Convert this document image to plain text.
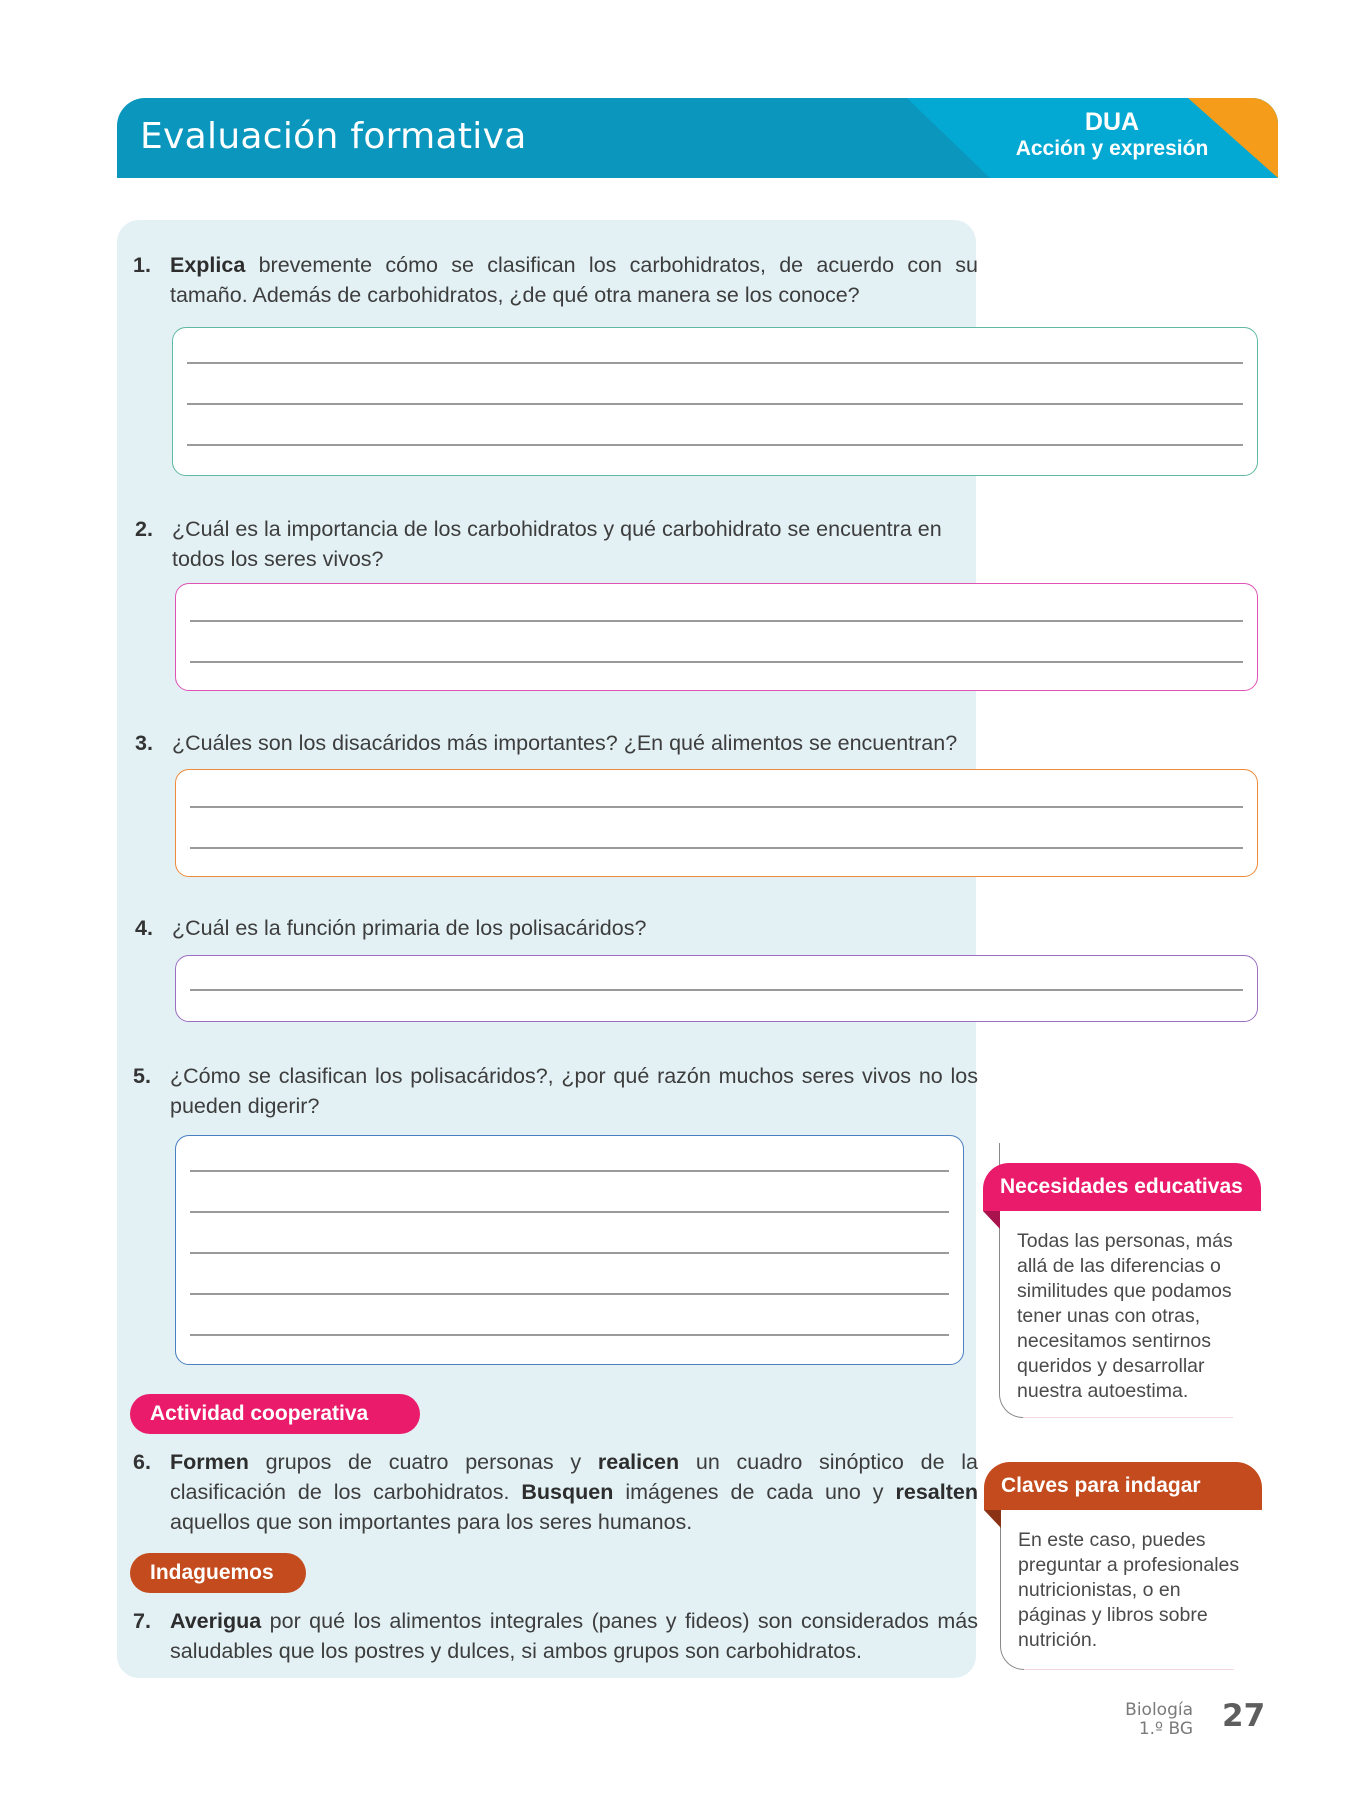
Evaluación formativa	DUA
Acción y expresión
1. Explica brevemente cómo se clasifican los carbohidratos, de acuerdo con su tamaño. Además de carbohidratos, ¿de qué otra manera se los conoce?
2. ¿Cuál es la importancia de los carbohidratos y qué carbohidrato se encuentra en todos los seres vivos?
3. ¿Cuáles son los disacáridos más importantes? ¿En qué alimentos se encuentran?
4. ¿Cuál es la función primaria de los polisacáridos?
5. ¿Cómo se clasifican los polisacáridos?, ¿por qué razón muchos seres vivos no los pueden digerir?
Actividad cooperativa
6. Formen grupos de cuatro personas y realicen un cuadro sinóptico de la clasificación de los carbohidratos. Busquen imágenes de cada uno y resalten aquellos que son importantes para los seres humanos.
Indaguemos
7. Averigua por qué los alimentos integrales (panes y fideos) son considerados más saludables que los postres y dulces, si ambos grupos son carbohidratos.
Necesidades educativas
Todas las personas, más
allá de las diferencias o
similitudes que podamos
tener unas con otras,
necesitamos sentirnos
queridos y desarrollar
nuestra autoestima.
Claves para indagar
En este caso, puedes
preguntar a profesionales
nutricionistas, o en
páginas y libros sobre
nutrición.
Biología
1.º BG 27
